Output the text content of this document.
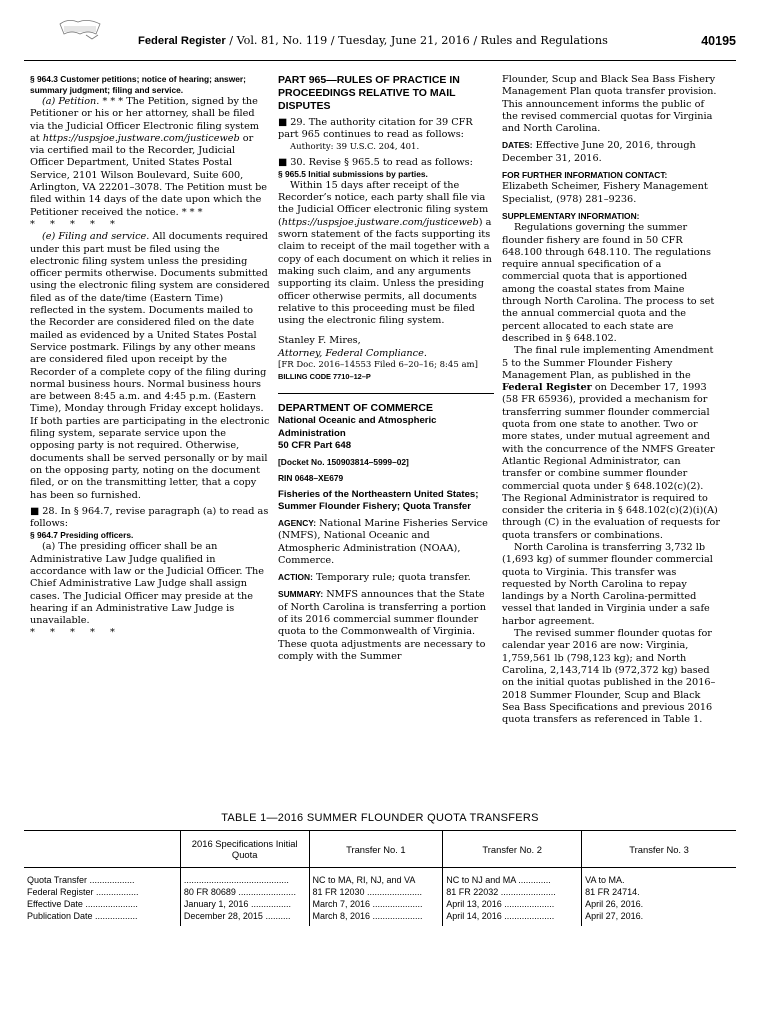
Federal Register / Vol. 81, No. 119 / Tuesday, June 21, 2016 / Rules and Regulations	40195

§ 964.3 Customer petitions; notice of hearing; answer; summary judgment; filing and service.

(a) Petition. * * * The Petition, signed by the Petitioner or his or her attorney, shall be filed via the Judicial Officer Electronic filing system at https://uspsjoe.justware.com/justiceweb or via certified mail to the Recorder, Judicial Officer Department, United States Postal Service, 2101 Wilson Boulevard, Suite 600, Arlington, VA 22201–3078. The Petition must be filed within 14 days of the date upon which the Petitioner received the notice. * * *

* * * * *

(e) Filing and service. All documents required under this part must be filed using the electronic filing system unless the presiding officer permits otherwise. Documents submitted using the electronic filing system are considered filed as of the date/time (Eastern Time) reflected in the system. Documents mailed to the Recorder are considered filed on the date mailed as evidenced by a United States Postal Service postmark. Filings by any other means are considered filed upon receipt by the Recorder of a complete copy of the filing during normal business hours. Normal business hours are between 8:45 a.m. and 4:45 p.m. (Eastern Time), Monday through Friday except holidays. If both parties are participating in the electronic filing system, separate service upon the opposing party is not required. Otherwise, documents shall be served personally or by mail on the opposing party, noting on the document filed, or on the transmitting letter, that a copy has been so furnished.

■ 28. In § 964.7, revise paragraph (a) to read as follows:

§ 964.7 Presiding officers.

(a) The presiding officer shall be an Administrative Law Judge qualified in accordance with law or the Judicial Officer. The Chief Administrative Law Judge shall assign cases. The Judicial Officer may preside at the hearing if an Administrative Law Judge is unavailable.

* * * * *

PART 965—RULES OF PRACTICE IN PROCEEDINGS RELATIVE TO MAIL DISPUTES

■ 29. The authority citation for 39 CFR part 965 continues to read as follows:

Authority: 39 U.S.C. 204, 401.

■ 30. Revise § 965.5 to read as follows:

§ 965.5 Initial submissions by parties.

Within 15 days after receipt of the Recorder’s notice, each party shall file via the Judicial Officer electronic filing system (https://uspsjoe.justware.com/justiceweb) a sworn statement of the facts supporting its claim to receipt of the mail together with a copy of each document on which it relies in making such claim, and any arguments supporting its claim. Unless the presiding officer otherwise permits, all documents relative to this proceeding must be filed using the electronic filing system.

Stanley F. Mires,

Attorney, Federal Compliance.

[FR Doc. 2016–14553 Filed 6–20–16; 8:45 am]

BILLING CODE 7710–12–P

DEPARTMENT OF COMMERCE

National Oceanic and Atmospheric Administration

50 CFR Part 648

[Docket No. 150903814–5999–02]

RIN 0648–XE679

Fisheries of the Northeastern United States; Summer Flounder Fishery; Quota Transfer

AGENCY: National Marine Fisheries Service (NMFS), National Oceanic and Atmospheric Administration (NOAA), Commerce.

ACTION: Temporary rule; quota transfer.

SUMMARY: NMFS announces that the State of North Carolina is transferring a portion of its 2016 commercial summer flounder quota to the Commonwealth of Virginia. These quota adjustments are necessary to comply with the Summer

Flounder, Scup and Black Sea Bass Fishery Management Plan quota transfer provision. This announcement informs the public of the revised commercial quotas for Virginia and North Carolina.

DATES: Effective June 20, 2016, through December 31, 2016.

FOR FURTHER INFORMATION CONTACT:

Elizabeth Scheimer, Fishery Management Specialist, (978) 281–9236.

SUPPLEMENTARY INFORMATION:

Regulations governing the summer flounder fishery are found in 50 CFR 648.100 through 648.110. The regulations require annual specification of a commercial quota that is apportioned among the coastal states from Maine through North Carolina. The process to set the annual commercial quota and the percent allocated to each state are described in § 648.102.

The final rule implementing Amendment 5 to the Summer Flounder Fishery Management Plan, as published in the Federal Register on December 17, 1993 (58 FR 65936), provided a mechanism for transferring summer flounder commercial quota from one state to another. Two or more states, under mutual agreement and with the concurrence of the NMFS Greater Atlantic Regional Administrator, can transfer or combine summer flounder commercial quota under § 648.102(c)(2). The Regional Administrator is required to consider the criteria in § 648.102(c)(2)(i)(A) through (C) in the evaluation of requests for quota transfers or combinations.

North Carolina is transferring 3,732 lb (1,693 kg) of summer flounder commercial quota to Virginia. This transfer was requested by North Carolina to repay landings by a North Carolina-permitted vessel that landed in Virginia under a safe harbor agreement.

The revised summer flounder quotas for calendar year 2016 are now: Virginia, 1,759,561 lb (798,123 kg); and North Carolina, 2,143,714 lb (972,372 kg) based on the initial quotas published in the 2016–2018 Summer Flounder, Scup and Black Sea Bass Specifications and previous 2016 quota transfers as referenced in Table 1.

TABLE 1—2016 SUMMER FLOUNDER QUOTA TRANSFERS
	2016 Specifications Initial Quota	Transfer No. 1	Transfer No. 2	Transfer No. 3
Quota Transfer ..................	..........................................	NC to MA, RI, NJ, and VA	NC to NJ and MA .............	VA to MA.
Federal Register .................	80 FR 80689 .......................	81 FR 12030 ......................	81 FR 22032 ......................	81 FR 24714.
Effective Date .....................	January 1, 2016 ................	March 7, 2016 ....................	April 13, 2016 ....................	April 26, 2016.
Publication Date .................	December 28, 2015 ..........	March 8, 2016 ....................	April 14, 2016 ....................	April 27, 2016.
